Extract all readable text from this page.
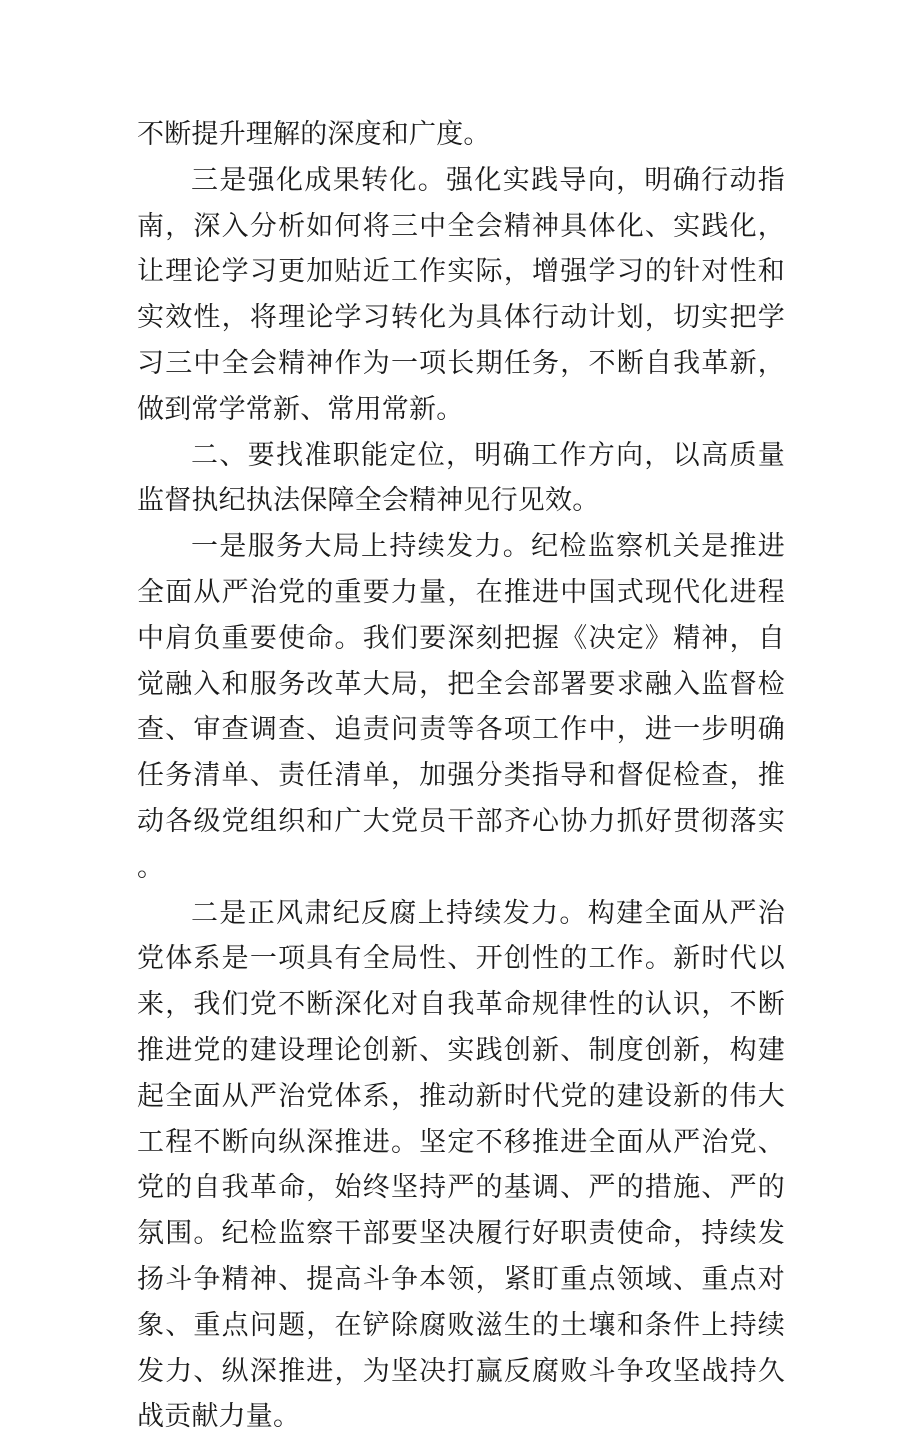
不断提升理解的深度和广度。

三是强化成果转化。强化实践导向，明确行动指南，深入分析如何将三中全会精神具体化、实践化，让理论学习更加贴近工作实际，增强学习的针对性和实效性，将理论学习转化为具体行动计划，切实把学习三中全会精神作为一项长期任务，不断自我革新，做到常学常新、常用常新。

二、要找准职能定位，明确工作方向，以高质量监督执纪执法保障全会精神见行见效。

一是服务大局上持续发力。纪检监察机关是推进全面从严治党的重要力量，在推进中国式现代化进程中肩负重要使命。我们要深刻把握《决定》精神，自觉融入和服务改革大局，把全会部署要求融入监督检查、审查调查、追责问责等各项工作中，进一步明确任务清单、责任清单，加强分类指导和督促检查，推动各级党组织和广大党员干部齐心协力抓好贯彻落实。

二是正风肃纪反腐上持续发力。构建全面从严治党体系是一项具有全局性、开创性的工作。新时代以来，我们党不断深化对自我革命规律性的认识，不断推进党的建设理论创新、实践创新、制度创新，构建起全面从严治党体系，推动新时代党的建设新的伟大工程不断向纵深推进。坚定不移推进全面从严治党、党的自我革命，始终坚持严的基调、严的措施、严的氛围。纪检监察干部要坚决履行好职责使命，持续发扬斗争精神、提高斗争本领，紧盯重点领域、重点对象、重点问题，在铲除腐败滋生的土壤和条件上持续发力、纵深推进，为坚决打赢反腐败斗争攻坚战持久战贡献力量。
